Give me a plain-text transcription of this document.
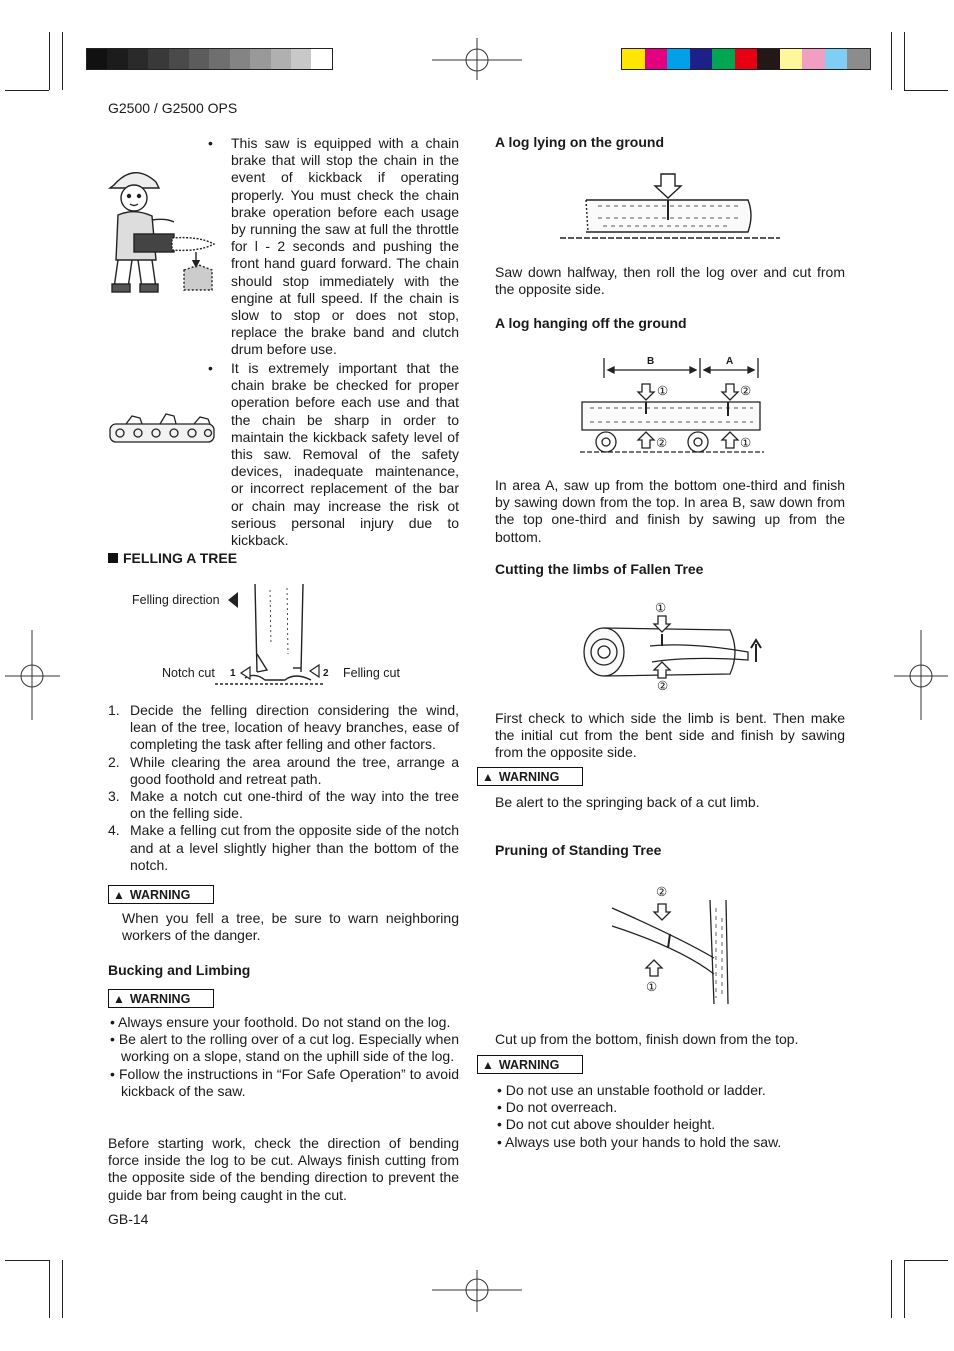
G2500 / G2500 OPS
• This saw is equipped with a chain brake that will stop the chain in the event of kickback if operating properly. You must check the chain brake operation before each usage by running the saw at full the throttle for l - 2 seconds and pushing the front hand guard forward. The chain should stop immediately with the engine at full speed. If the chain is slow to stop or does not stop, replace the brake band and clutch drum before use.
• It is extremely important that the chain brake be checked for proper operation before each use and that the chain be sharp in order to maintain the kickback safety level of this saw. Removal of the safety devices, inadequate maintenance, or incorrect replacement of the bar or chain may increase the risk ot serious personal injury due to kickback.
FELLING A TREE
Felling direction
Notch cut 1	2 Felling cut
1. Decide the felling direction considering the wind, lean of the tree, location of heavy branches, ease of completing the task after felling and other factors.
2. While clearing the area around the tree, arrange a good foothold and retreat path.
3. Make a notch cut one-third of the way into the tree on the felling side.
4. Make a felling cut from the opposite side of the notch and at a level slightly higher than the bottom of the notch.
▲ WARNING
When you fell a tree, be sure to warn neighboring workers of the danger.
Bucking and Limbing
▲ WARNING
• Always ensure your foothold. Do not stand on the log.
• Be alert to the rolling over of a cut log. Especially when working on a slope, stand on the uphill side of the log.
• Follow the instructions in “For Safe Operation” to avoid kickback of the saw.
Before starting work, check the direction of bending force inside the log to be cut. Always finish cutting from the opposite side of the bending direction to prevent the guide bar from being caught in the cut.
GB-14
A log lying on the ground
Saw down halfway, then roll the log over and cut from the opposite side.
A log hanging off the ground
B	A
①	②
②	①
In area A, saw up from the bottom one-third and finish by sawing down from the top. In area B, saw down from the top one-third and finish by sawing up from the bottom.
Cutting the limbs of Fallen Tree
①
②
First check to which side the limb is bent. Then make the initial cut from the bent side and finish by sawing from the opposite side.
▲ WARNING
Be alert to the springing back of a cut limb.
Pruning of Standing Tree
②
①
Cut up from the bottom, finish down from the top.
▲ WARNING
• Do not use an unstable foothold or ladder.
• Do not overreach.
• Do not cut above shoulder height.
• Always use both your hands to hold the saw.
